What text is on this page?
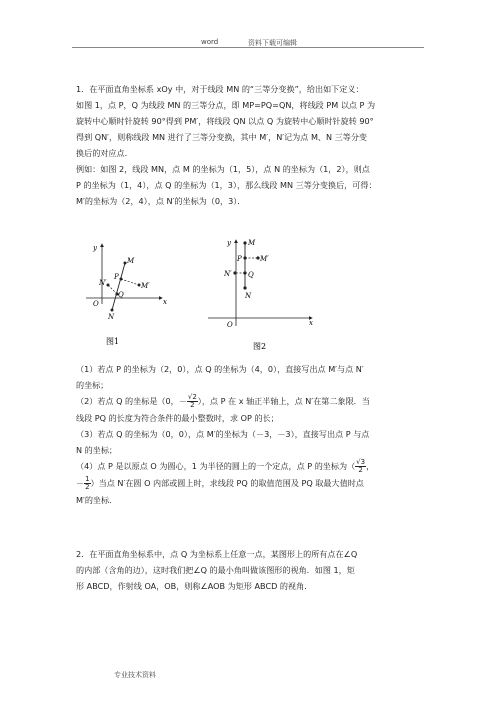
word	资料下载可编辑
1．在平面直角坐标系 xOy 中，对于线段 MN 的“三等分变换”，给出如下定义：
如图 1，点 P，Q 为线段 MN 的三等分点，即 MP=PQ=QN，将线段 PM 以点 P 为
旋转中心顺时针旋转 90°得到 PM′，将线段 QN 以点 Q 为旋转中心顺时针旋转 90°
得到 QN′，则称线段 MN 进行了三等分变换，其中 M′，N′记为点 M、N 三等分变
换后的对应点．
例如：如图 2，线段 MN，点 M 的坐标为（1，5），点 N 的坐标为（1，2），则点
P 的坐标为（1，4），点 Q 的坐标为（1，3），那么线段 MN 三等分变换后，可得：
M′的坐标为（2，4），点 N′的坐标为（0，3）．
y
x
O
M
P
Q
N
M′
N′
图1
y
x
O
M
P
Q
N
M′
N′
图2
（1）若点 P 的坐标为（2，0），点 Q 的坐标为（4，0），直接写出点 M′与点 N′
的坐标；
（2）若点 Q 的坐标是（0，－ $\frac{√2}{2}$ ），点 P 在 x 轴正半轴上，点 N′在第二象限．当
线段 PQ 的长度为符合条件的最小整数时，求 OP 的长；
（3）若点 Q 的坐标为（0，0），点 M′的坐标为（－3，－3），直接写出点 P 与点
N 的坐标；
（4）点 P 是以原点 O 为圆心，1 为半径的圆上的一个定点，点 P 的坐标为（ $\frac{√3}{2}$ ，
－ $\frac{1}{2}$ ）当点 N′在圆 O 内部或圆上时，求线段 PQ 的取值范围及 PQ 取最大值时点
M′的坐标．
2．在平面直角坐标系中，点 Q 为坐标系上任意一点，某图形上的所有点在∠Q
的内部（含角的边），这时我们把∠Q 的最小角叫做该图形的视角．如图 1，矩
形 ABCD，作射线 OA，OB，则称∠AOB 为矩形 ABCD 的视角．
专业技术资料
